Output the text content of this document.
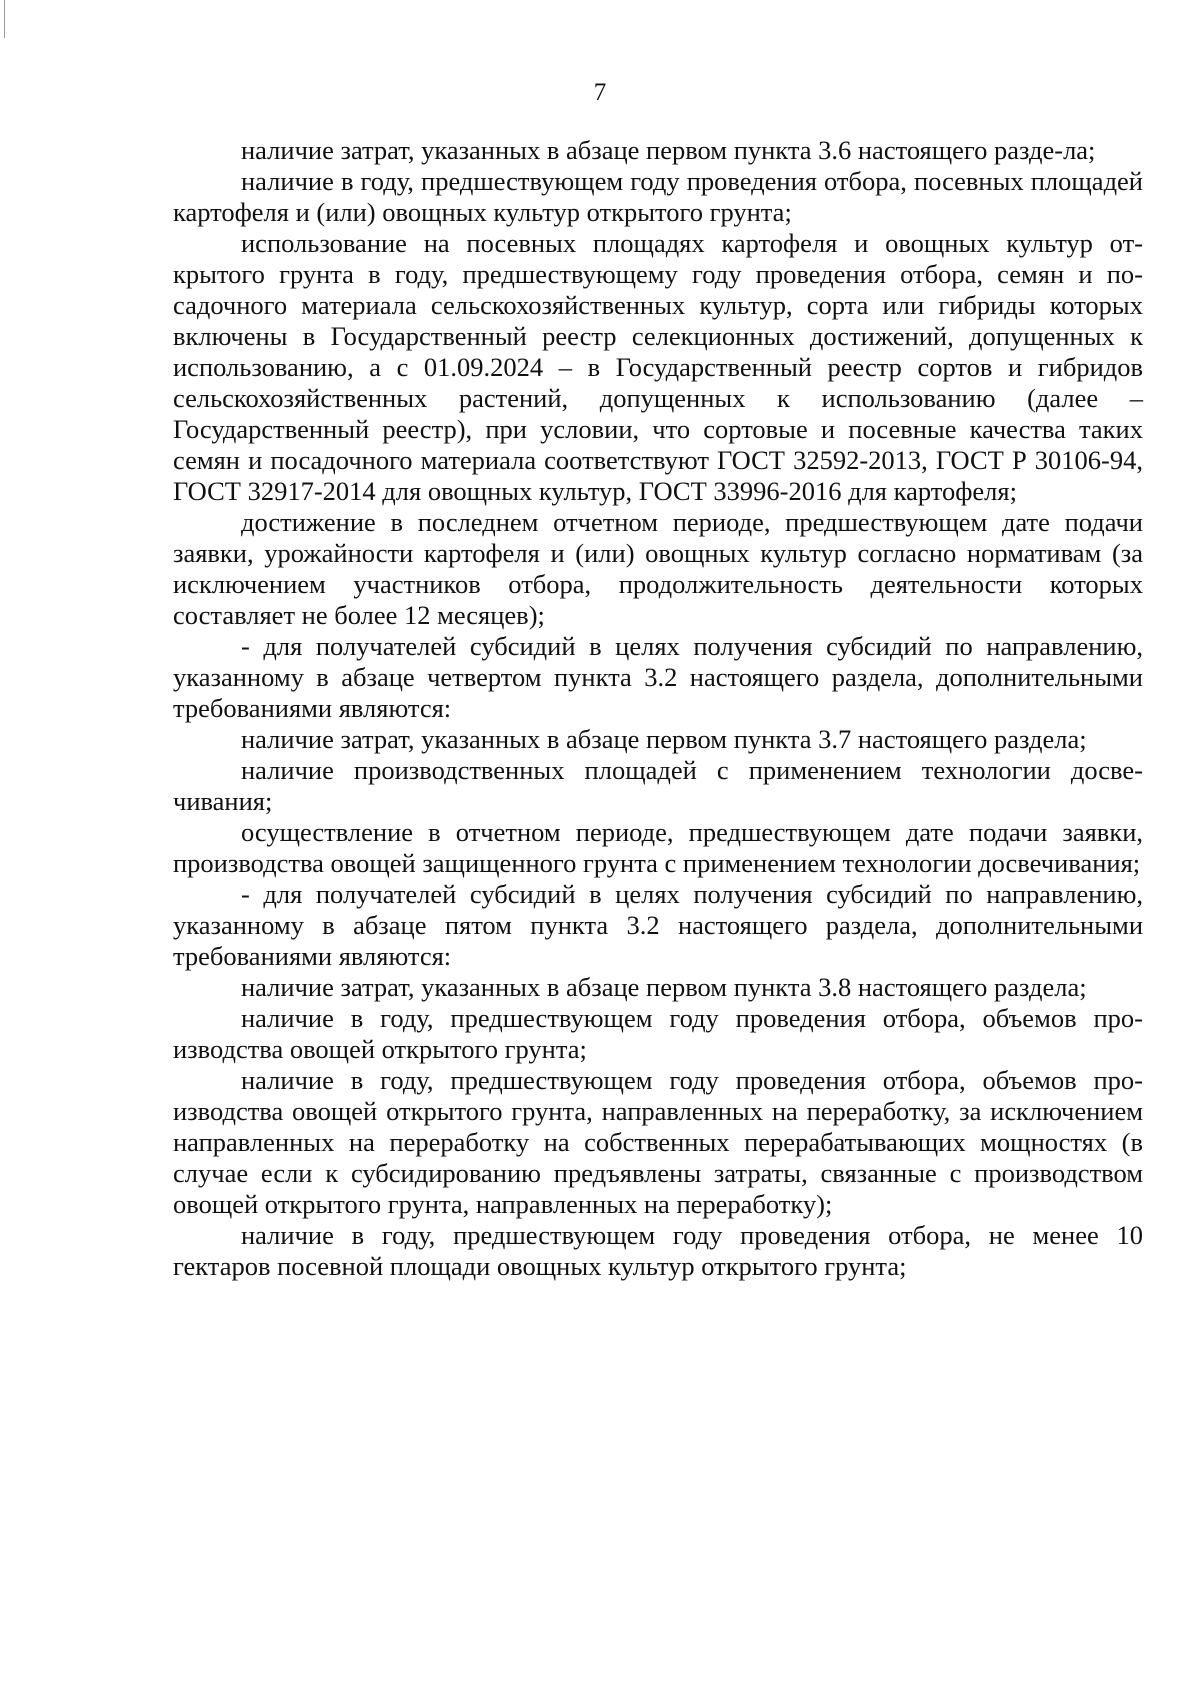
7

наличие затрат, указанных в абзаце первом пункта 3.6 настоящего разде-ла;

наличие в году, предшествующем году проведения отбора, посевных площадей картофеля и (или) овощных культур открытого грунта;

использование на посевных площадях картофеля и овощных культур открытого грунта в году, предшествующему году проведения отбора, семян и посадочного материала сельскохозяйственных культур, сорта или гибриды которых включены в Государственный реестр селекционных достижений, допущенных к использованию, а с 01.09.2024 – в Государственный реестр сортов и гибридов сельскохозяйственных растений, допущенных к использованию (далее – Государственный реестр), при условии, что сортовые и посевные качества таких семян и посадочного материала соответствуют ГОСТ 32592-2013, ГОСТ Р 30106-94, ГОСТ 32917-2014 для овощных культур, ГОСТ 33996-2016 для картофеля;

достижение в последнем отчетном периоде, предшествующем дате подачи заявки, урожайности картофеля и (или) овощных культур согласно нормативам (за исключением участников отбора, продолжительность деятельности которых составляет не более 12 месяцев);

- для получателей субсидий в целях получения субсидий по направлению, указанному в абзаце четвертом пункта 3.2 настоящего раздела, дополнительными требованиями являются:

наличие затрат, указанных в абзаце первом пункта 3.7 настоящего раздела;

наличие производственных площадей с применением технологии досвечивания;

осуществление в отчетном периоде, предшествующем дате подачи заявки, производства овощей защищенного грунта с применением технологии досвечивания;

- для получателей субсидий в целях получения субсидий по направлению, указанному в абзаце пятом пункта 3.2 настоящего раздела, дополнительными требованиями являются:

наличие затрат, указанных в абзаце первом пункта 3.8 настоящего раздела;

наличие в году, предшествующем году проведения отбора, объемов производства овощей открытого грунта;

наличие в году, предшествующем году проведения отбора, объемов производства овощей открытого грунта, направленных на переработку, за исключением направленных на переработку на собственных перерабатывающих мощностях (в случае если к субсидированию предъявлены затраты, связанные с производством овощей открытого грунта, направленных на переработку);

наличие в году, предшествующем году проведения отбора, не менее 10 гектаров посевной площади овощных культур открытого грунта;
